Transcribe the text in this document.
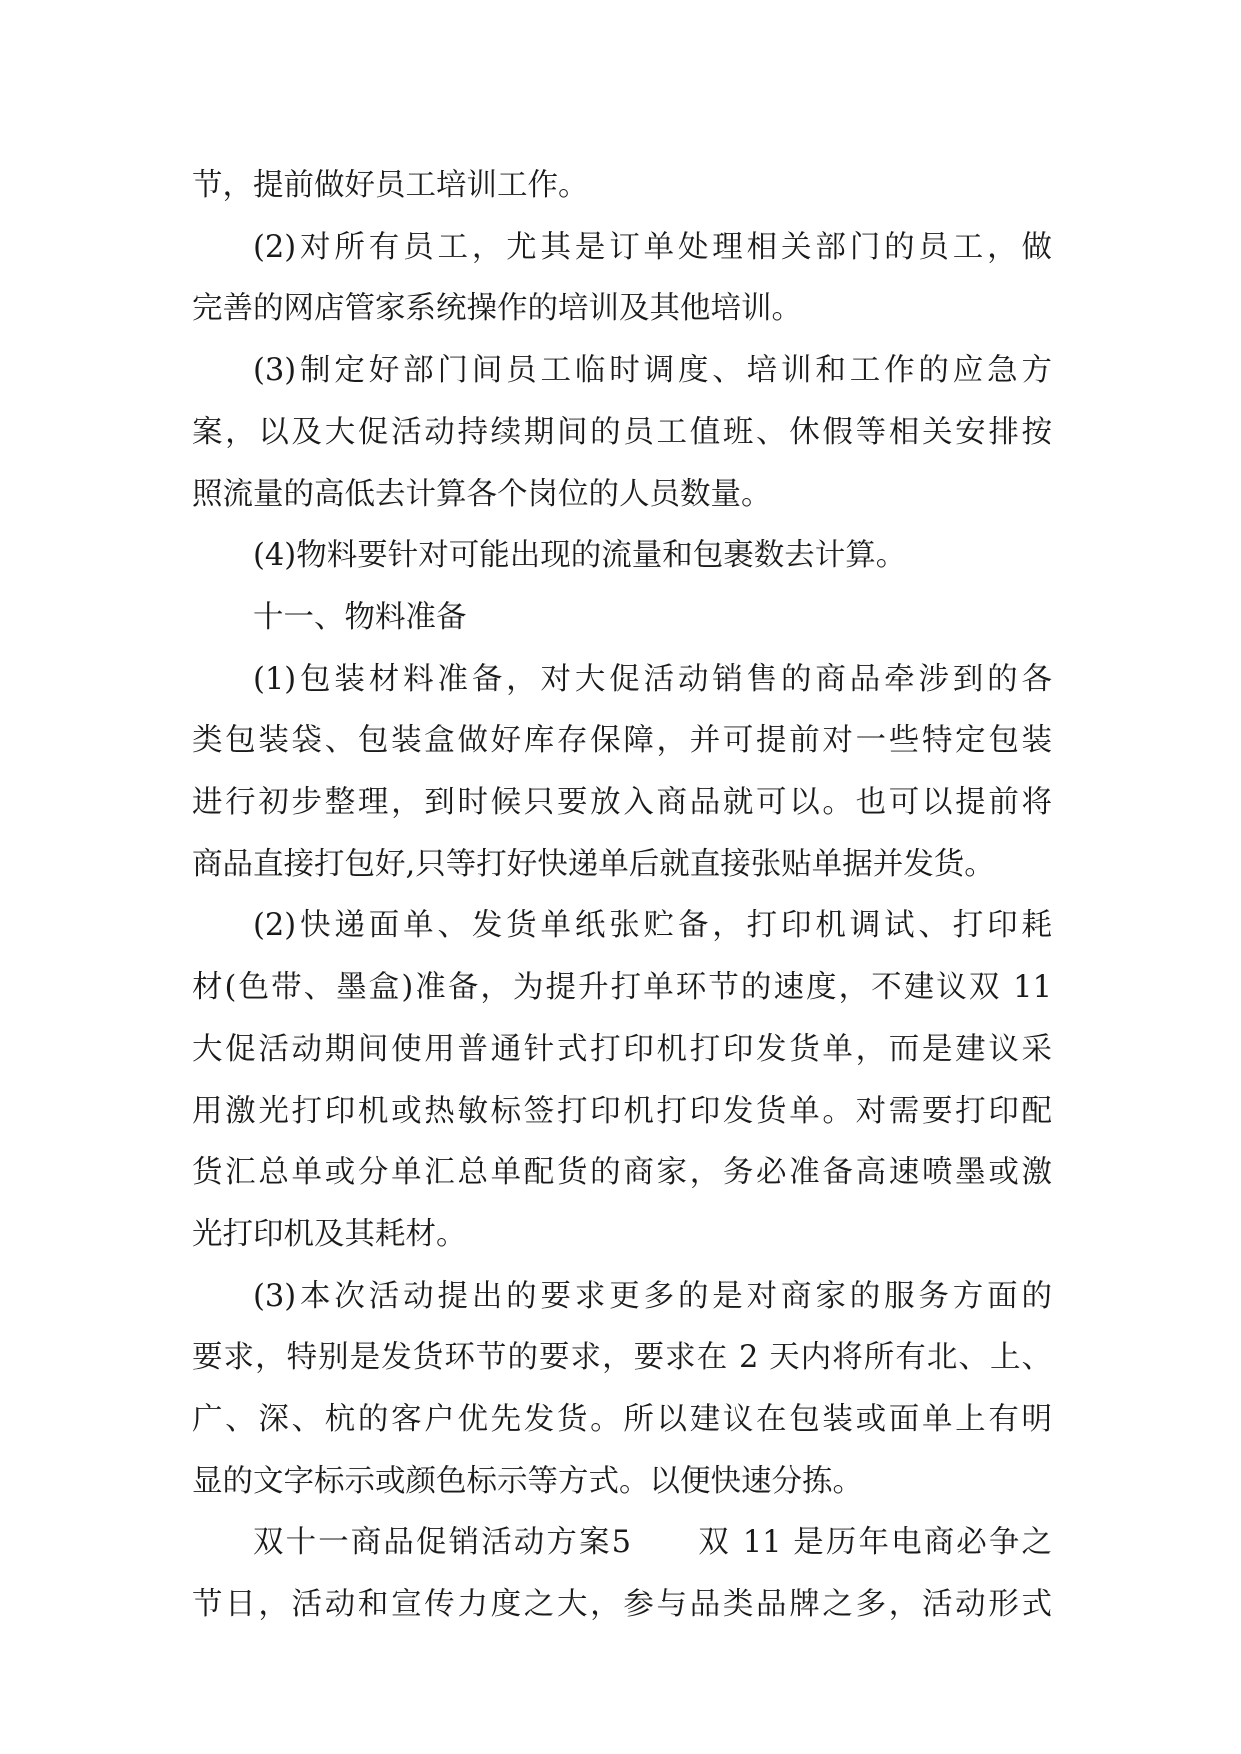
节，提前做好员工培训工作。

(2)对所有员工，尤其是订单处理相关部门的员工，做

完善的网店管家系统操作的培训及其他培训。

(3)制定好部门间员工临时调度、培训和工作的应急方

案，以及大促活动持续期间的员工值班、休假等相关安排按

照流量的高低去计算各个岗位的人员数量。

(4)物料要针对可能出现的流量和包裹数去计算。

十一、物料准备

(1)包装材料准备，对大促活动销售的商品牵涉到的各

类包装袋、包装盒做好库存保障，并可提前对一些特定包装

进行初步整理，到时候只要放入商品就可以。也可以提前将

商品直接打包好,只等打好快递单后就直接张贴单据并发货。

(2)快递面单、发货单纸张贮备，打印机调试、打印耗

材(色带、墨盒)准备，为提升打单环节的速度，不建议双 11

大促活动期间使用普通针式打印机打印发货单，而是建议采

用激光打印机或热敏标签打印机打印发货单。对需要打印配

货汇总单或分单汇总单配货的商家，务必准备高速喷墨或激

光打印机及其耗材。

(3)本次活动提出的要求更多的是对商家的服务方面的

要求，特别是发货环节的要求，要求在 2 天内将所有北、上、

广、深、杭的客户优先发货。所以建议在包装或面单上有明

显的文字标示或颜色标示等方式。以便快速分拣。

双十一商品促销活动方案5　　双 11 是历年电商必争之

节日，活动和宣传力度之大，参与品类品牌之多，活动形式
